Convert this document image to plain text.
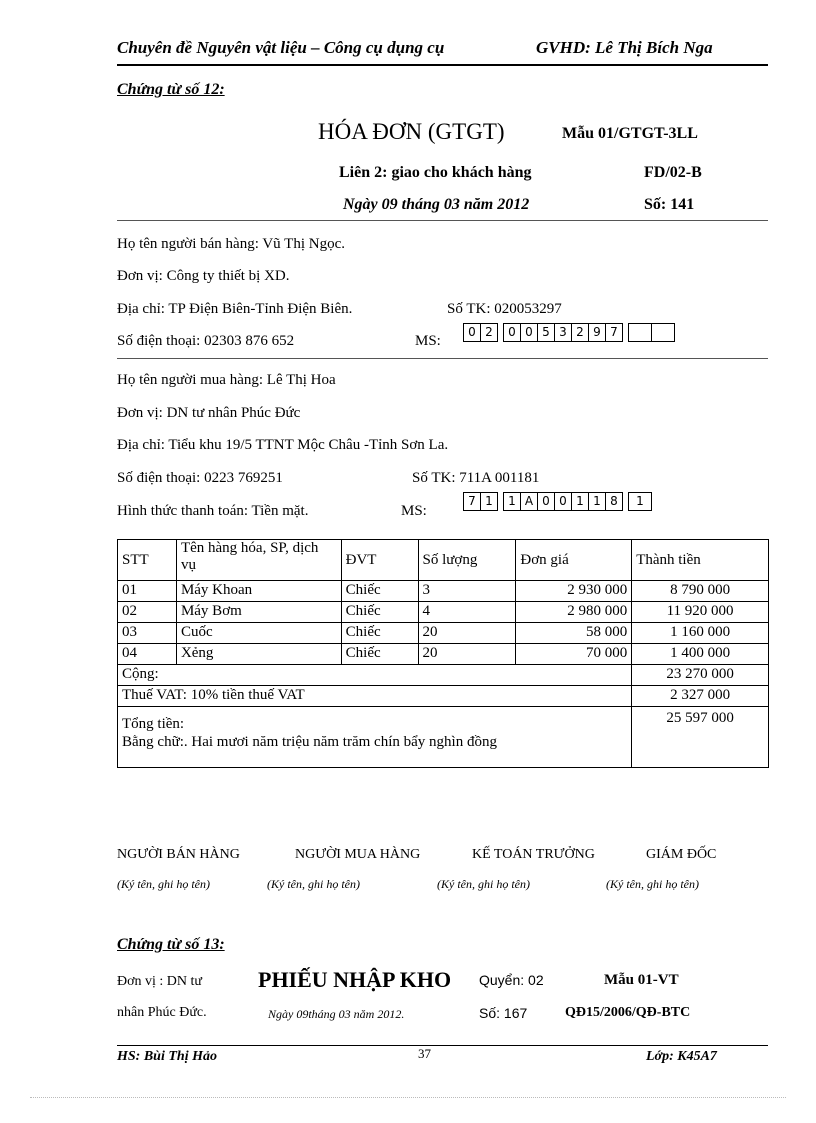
Chuyên đề Nguyên vật liệu – Công cụ dụng cụ	GVHD: Lê Thị Bích Nga
Chứng từ số 12:
HÓA ĐƠN (GTGT)	Mẫu 01/GTGT-3LL
Liên 2: giao cho khách hàng	FD/02-B
Ngày 09 tháng 03 năm 2012	Số: 141
Họ tên người bán hàng: Vũ Thị Ngọc.
Đơn vị: Công ty thiết bị XD.
Địa chỉ: TP Điện Biên-Tỉnh Điện Biên.	Số TK: 020053297
Số điện thoại: 02303 876 652	MS:
0 2	0 0 5 3 2 9 7
Họ tên người mua hàng: Lê Thị Hoa
Đơn vị: DN tư nhân Phúc Đức
Địa chỉ: Tiểu khu 19/5 TTNT Mộc Châu -Tỉnh Sơn La.
Số điện thoại: 0223 769251	Số TK: 711A 001181
Hình thức thanh toán: Tiền mặt.	MS:
7 1	1 A 0 0 1 1 8	1
STT	Tên hàng hóa, SP, dịch vụ	ĐVT	Số lượng	Đơn giá	Thành tiền
01	Máy Khoan	Chiếc	3	2 930 000	8 790 000
02	Máy Bơm	Chiếc	4	2 980 000	11 920 000
03	Cuốc	Chiếc	20	58 000	1 160 000
04	Xẻng	Chiếc	20	70 000	1 400 000
Cộng:					23 270 000
Thuế VAT: 10% tiền thuế VAT					2 327 000

Tổng tiền:
Bằng chữ:. Hai mươi năm triệu năm trăm chín bẩy nghìn đồng					25 597 000
NGƯỜI BÁN HÀNG	NGƯỜI MUA HÀNG	KẾ TOÁN TRƯỞNG	GIÁM ĐỐC
(Ký tên, ghi họ tên)	(Ký tên, ghi họ tên)	(Ký tên, ghi họ tên)	(Ký tên, ghi họ tên)
Chứng từ số 13:
Đơn vị : DN tư
nhân Phúc Đức.
PHIẾU NHẬP KHO Quyển: 02	Mẫu 01-VT
Ngày 09tháng 03 năm 2012.	Số: 167	QĐ15/2006/QĐ-BTC
HS: Bùi Thị Hảo	37	Lớp: K45A7
